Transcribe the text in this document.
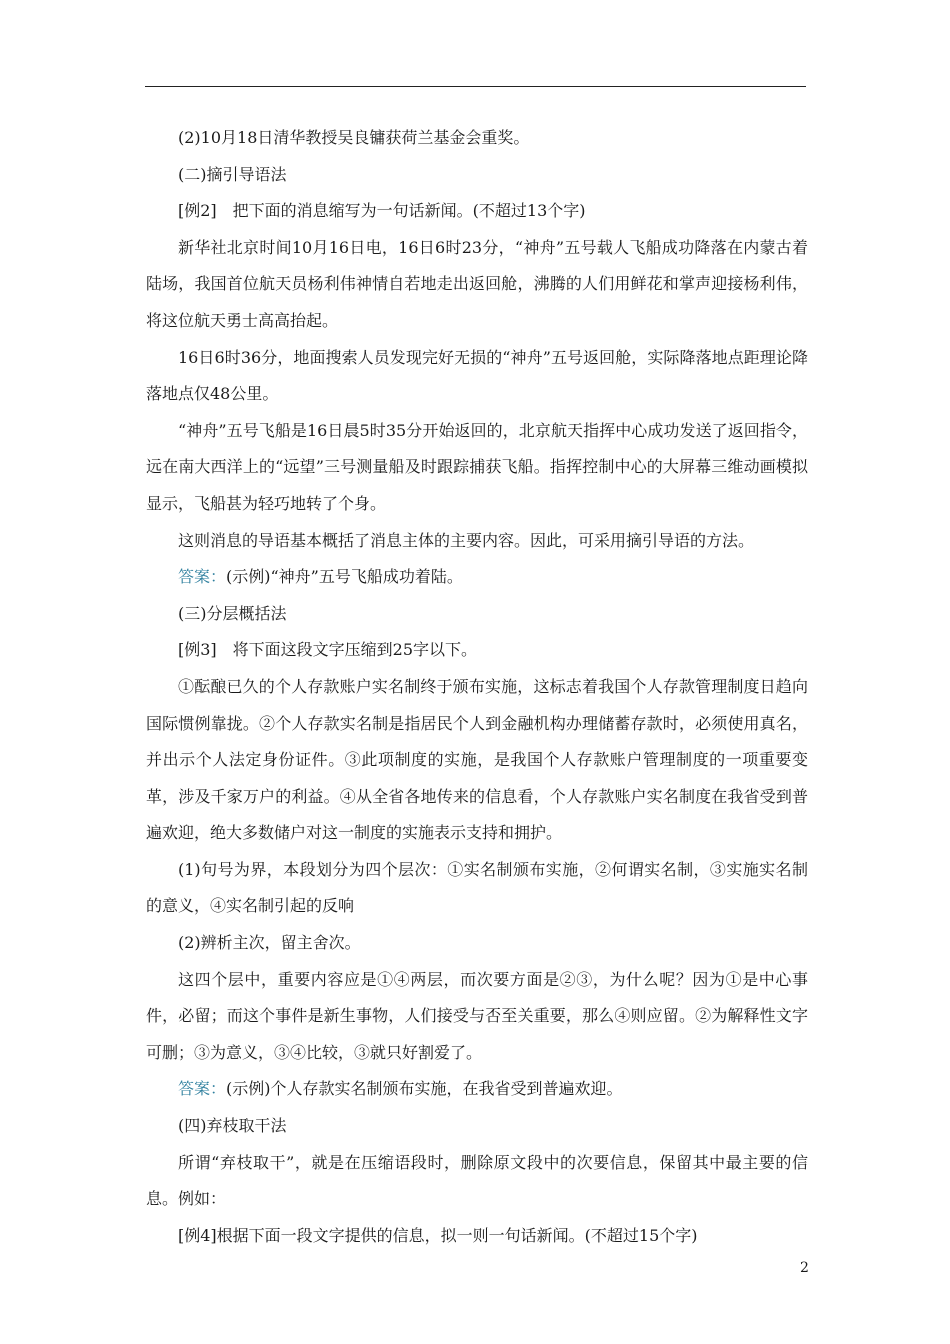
(2)10月18日清华教授吴良镛获荷兰基金会重奖。

(二)摘引导语法

[例2]　把下面的消息缩写为一句话新闻。(不超过13个字)

新华社北京时间10月16日电，16日6时23分，“神舟”五号载人飞船成功降落在内蒙古着陆场，我国首位航天员杨利伟神情自若地走出返回舱，沸腾的人们用鲜花和掌声迎接杨利伟，将这位航天勇士高高抬起。

16日6时36分，地面搜索人员发现完好无损的“神舟”五号返回舱，实际降落地点距理论降落地点仅48公里。

“神舟”五号飞船是16日晨5时35分开始返回的，北京航天指挥中心成功发送了返回指令，远在南大西洋上的“远望”三号测量船及时跟踪捕获飞船。指挥控制中心的大屏幕三维动画模拟显示，飞船甚为轻巧地转了个身。

这则消息的导语基本概括了消息主体的主要内容。因此，可采用摘引导语的方法。

答案：(示例)“神舟”五号飞船成功着陆。

(三)分层概括法

[例3]　将下面这段文字压缩到25字以下。

①酝酿已久的个人存款账户实名制终于颁布实施，这标志着我国个人存款管理制度日趋向国际惯例靠拢。②个人存款实名制是指居民个人到金融机构办理储蓄存款时，必须使用真名，并出示个人法定身份证件。③此项制度的实施，是我国个人存款账户管理制度的一项重要变革，涉及千家万户的利益。④从全省各地传来的信息看，个人存款账户实名制度在我省受到普遍欢迎，绝大多数储户对这一制度的实施表示支持和拥护。

(1)句号为界，本段划分为四个层次：①实名制颁布实施，②何谓实名制，③实施实名制的意义，④实名制引起的反响

(2)辨析主次，留主舍次。

这四个层中，重要内容应是①④两层，而次要方面是②③，为什么呢？因为①是中心事件，必留；而这个事件是新生事物，人们接受与否至关重要，那么④则应留。②为解释性文字可删；③为意义，③④比较，③就只好割爱了。

答案：(示例)个人存款实名制颁布实施，在我省受到普遍欢迎。

(四)弃枝取干法

所谓“弃枝取干”，就是在压缩语段时，删除原文段中的次要信息，保留其中最主要的信息。例如：

[例4]根据下面一段文字提供的信息，拟一则一句话新闻。(不超过15个字)

2
